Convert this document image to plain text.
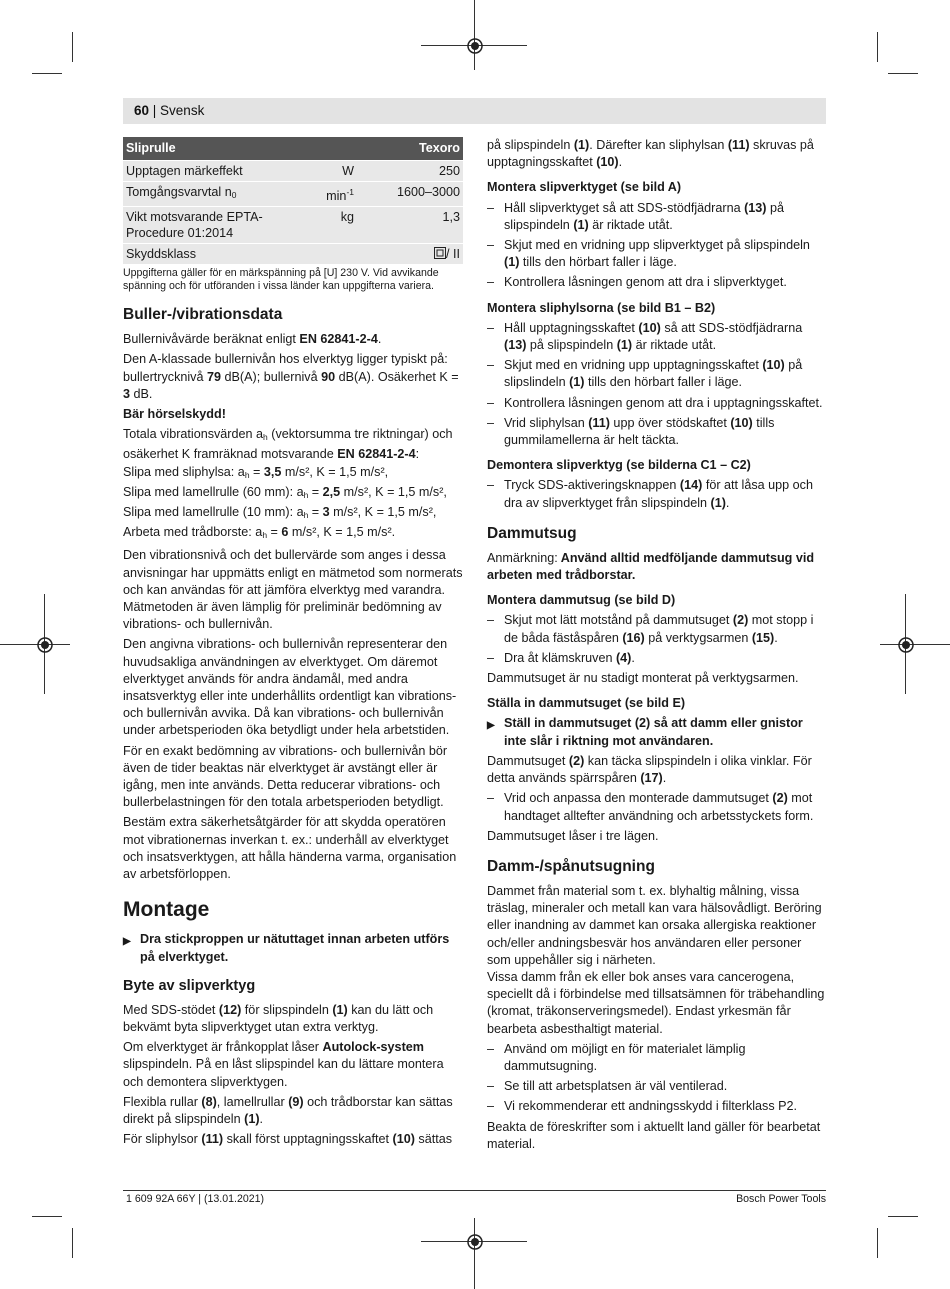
60 | Svensk
Sliprulle		Texoro
Upptagen märkeffekt	W	250
Tomgångsvarvtal $n_0$	$\min^{-1}$	1600–3000
Vikt motsvarande EPTA-Procedure 01:2014	kg	1,3
Skyddsklass		/ II
Uppgifterna gäller för en märkspänning på [U] 230 V. Vid avvikande spänning och för utföranden i vissa länder kan uppgifterna variera.
Buller-/vibrationsdata

Bullernivåvärde beräknat enligt EN 62841-2-4.

Den A-klassade bullernivån hos elverktyg ligger typiskt på: bullertrycknivå 79 dB(A); bullernivå 90 dB(A). Osäkerhet K = 3 dB.

Bär hörselskydd!

Totala vibrationsvärden $a_h$ (vektorsumma tre riktningar) och osäkerhet K framräknad motsvarande EN 62841-2-4:

Slipa med sliphylsa: $a_h = 3,5$ m/s², K = 1,5 m/s²,
Slipa med lamellrulle (60 mm): $a_h = 2,5$ m/s², K = 1,5 m/s²,
Slipa med lamellrulle (10 mm): $a_h = 3$ m/s², K = 1,5 m/s²,
Arbeta med trådborste: $a_h = 6$ m/s², K = 1,5 m/s².

Den vibrationsnivå och det bullervärde som anges i dessa anvisningar har uppmätts enligt en mätmetod som normerats och kan användas för att jämföra elverktyg med varandra. Mätmetoden är även lämplig för preliminär bedömning av vibrations- och bullernivån.

Den angivna vibrations- och bullernivån representerar den huvudsakliga användningen av elverktyget. Om däremot elverktyget används för andra ändamål, med andra insatsverktyg eller inte underhållits ordentligt kan vibrations- och bullernivån avvika. Då kan vibrations- och bullernivån under arbetsperioden öka betydligt under hela arbetstiden.

För en exakt bedömning av vibrations- och bullernivån bör även de tider beaktas när elverktyget är avstängt eller är igång, men inte används. Detta reducerar vibrations- och bullerbelastningen för den totala arbetsperioden betydligt.

Bestäm extra säkerhetsåtgärder för att skydda operatören mot vibrationernas inverkan t. ex.: underhåll av elverktyget och insatsverktygen, att hålla händerna varma, organisation av arbetsförloppen.

Montage
▶ Dra stickproppen ur nätuttaget innan arbeten utförs på elverktyget.
Byte av slipverktyg

Med SDS-stödet (12) för slipspindeln (1) kan du lätt och bekvämt byta slipverktyget utan extra verktyg.

Om elverktyget är frånkopplat låser Autolock-system slipspindeln. På en låst slipspindel kan du lättare montera och demontera slipverktygen.

Flexibla rullar (8), lamellrullar (9) och trådborstar kan sättas direkt på slipspindeln (1).

För sliphylsor (11) skall först upptagningsskaftet (10) sättas

på slipspindeln (1). Därefter kan sliphylsan (11) skruvas på upptagningsskaftet (10).

Montera slipverktyget (se bild A)
– Håll slipverktyget så att SDS-stödfjädrarna (13) på slipspindeln (1) är riktade utåt.
– Skjut med en vridning upp slipverktyget på slipspindeln (1) tills den hörbart faller i läge.
– Kontrollera låsningen genom att dra i slipverktyget.
Montera sliphylsorna (se bild B1 – B2)
– Håll upptagningsskaftet (10) så att SDS-stödfjädrarna (13) på slipspindeln (1) är riktade utåt.
– Skjut med en vridning upp upptagningsskaftet (10) på slipslindeln (1) tills den hörbart faller i läge.
– Kontrollera låsningen genom att dra i upptagningsskaftet.
– Vrid sliphylsan (11) upp över stödskaftet (10) tills gummilamellerna är helt täckta.
Demontera slipverktyg (se bilderna C1 – C2)
– Tryck SDS-aktiveringsknappen (14) för att låsa upp och dra av slipverktyget från slipspindeln (1).
Dammutsug

Anmärkning: Använd alltid medföljande dammutsug vid arbeten med trådborstar.

Montera dammutsug (se bild D)
– Skjut mot lätt motstånd på dammutsuget (2) mot stopp i de båda fäståspåren (16) på verktygsarmen (15).
– Dra åt klämskruven (4).

Dammutsuget är nu stadigt monterat på verktygsarmen.

Ställa in dammutsuget (se bild E)
▶ Ställ in dammutsuget (2) så att damm eller gnistor inte slår i riktning mot användaren.

Dammutsuget (2) kan täcka slipspindeln i olika vinklar. För detta används spärrspåren (17).

– Vrid och anpassa den monterade dammutsuget (2) mot handtaget alltefter användning och arbetsstyckets form.

Dammutsuget låser i tre lägen.

Damm-/spånutsugning

Dammet från material som t. ex. blyhaltig målning, vissa träslag, mineraler och metall kan vara hälsovådligt. Beröring eller inandning av dammet kan orsaka allergiska reaktioner och/eller andningsbesvär hos användaren eller personer som uppehåller sig i närheten.

Vissa damm från ek eller bok anses vara cancerogena, speciellt då i förbindelse med tillsatsämnen för träbehandling (kromat, träkonserveringsmedel). Endast yrkesmän får bearbeta asbesthaltigt material.

– Använd om möjligt en för materialet lämplig dammutsugning.
– Se till att arbetsplatsen är väl ventilerad.
– Vi rekommenderar ett andningsskydd i filterklass P2.

Beakta de föreskrifter som i aktuellt land gäller för bearbetat material.

1 609 92A 66Y | (13.01.2021)	Bosch Power Tools
